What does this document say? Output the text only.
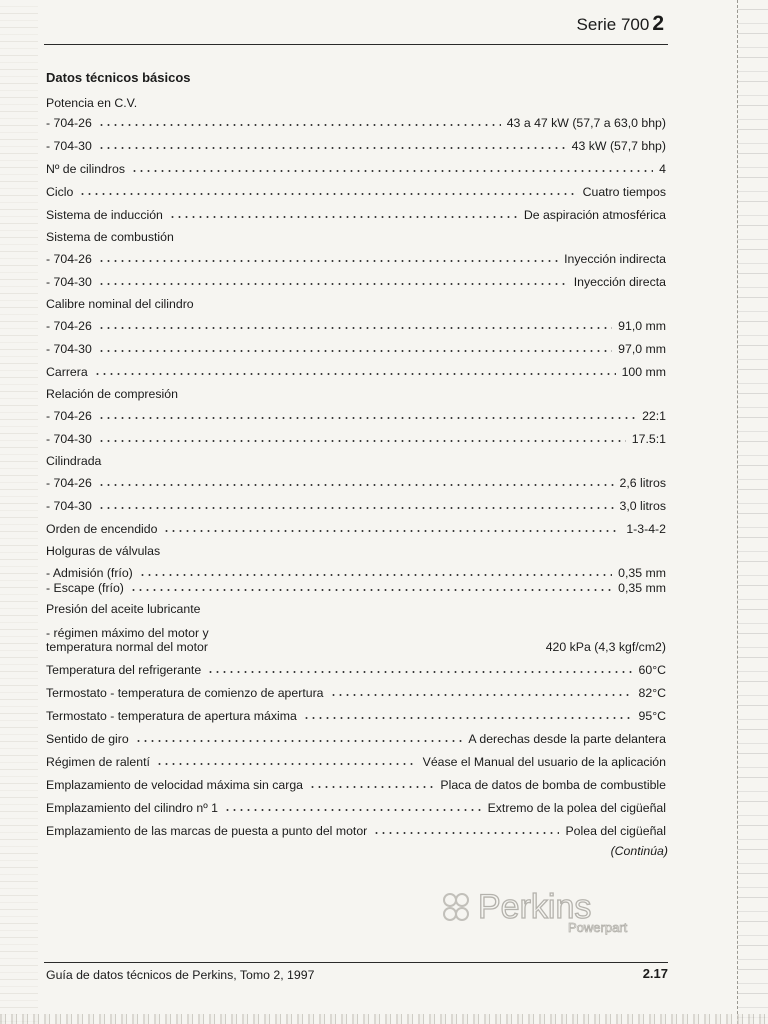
Serie 700 2
Datos técnicos básicos
Potencia en C.V.
- 704-26	43 a 47 kW (57,7 a 63,0 bhp)
- 704-30	43 kW (57,7 bhp)
Nº de cilindros	4
Ciclo	Cuatro tiempos
Sistema de inducción	De aspiración atmosférica
Sistema de combustión
- 704-26	Inyección indirecta
- 704-30	Inyección directa
Calibre nominal del cilindro
- 704-26	91,0 mm
- 704-30	97,0 mm
Carrera	100 mm
Relación de compresión
- 704-26	22:1
- 704-30	17.5:1
Cilindrada
- 704-26	2,6 litros
- 704-30	3,0 litros
Orden de encendido	1-3-4-2
Holguras de válvulas
- Admisión (frío)	0,35 mm
- Escape (frío)	0,35 mm
Presión del aceite lubricante
- régimen máximo del motor y
temperatura normal del motor	420 kPa (4,3 kgf/cm2)
Temperatura del refrigerante	60°C
Termostato - temperatura de comienzo de apertura	82°C
Termostato - temperatura de apertura máxima	95°C
Sentido de giro	A derechas desde la parte delantera
Régimen de ralentí	Véase el Manual del usuario de la aplicación
Emplazamiento de velocidad máxima sin carga	Placa de datos de bomba de combustible
Emplazamiento del cilindro nº 1	Extremo de la polea del cigüeñal
Emplazamiento de las marcas de puesta a punto del motor	Polea del cigüeñal
(Continúa)
Perkins
Powerpart
Guía de datos técnicos de Perkins, Tomo 2, 1997	2.17
